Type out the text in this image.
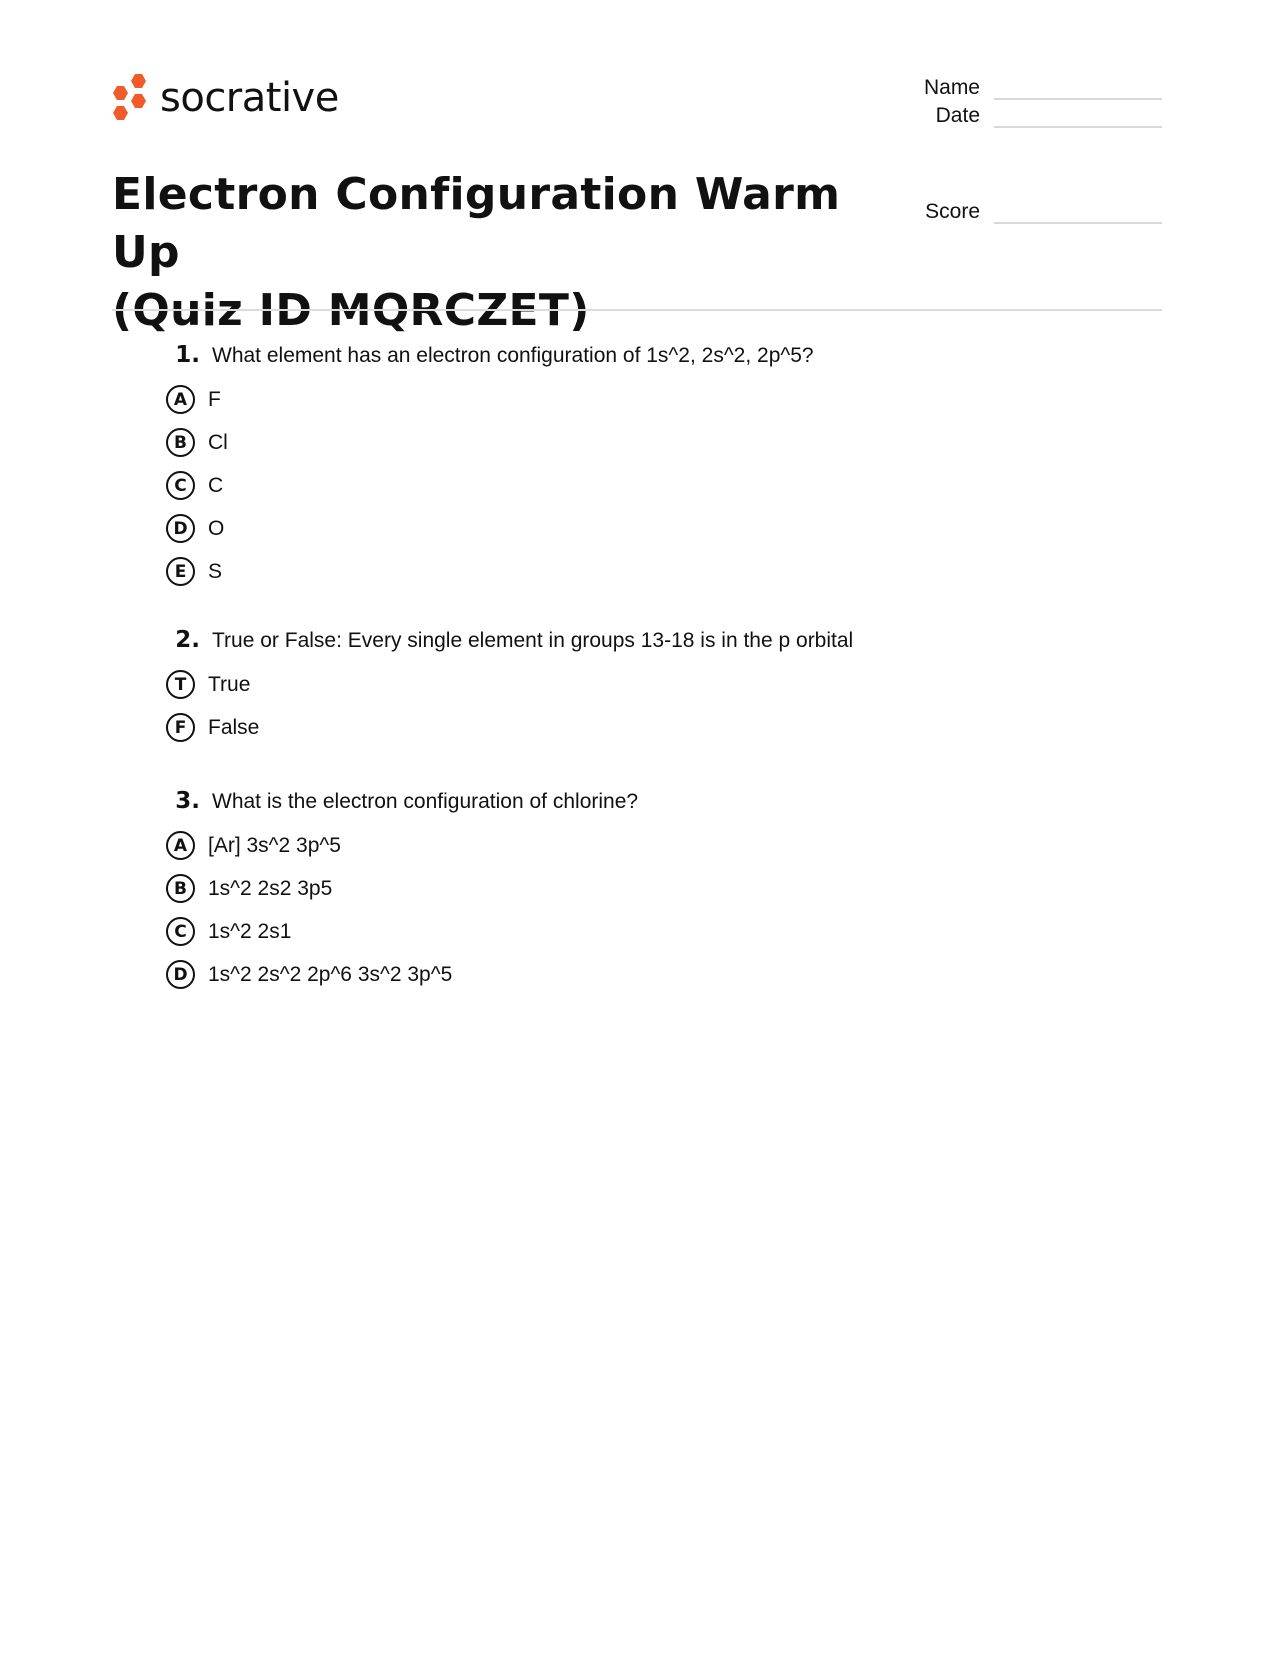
socrative	Name
Date
Score
Electron Configuration Warm Up
(Quiz ID MQRCZET)
1. What element has an electron configuration of 1s^2, 2s^2, 2p^5?
A F
B	Cl
C	C
D O
E	S
2. True or False: Every single element in groups 13-18 is in the p orbital
T	True
F	False
3. What is the electron configuration of chlorine?
A [Ar] 3s^2 3p^5
B	1s^2 2s2 3p5
C	1s^2 2s1
D 1s^2 2s^2 2p^6 3s^2 3p^5
